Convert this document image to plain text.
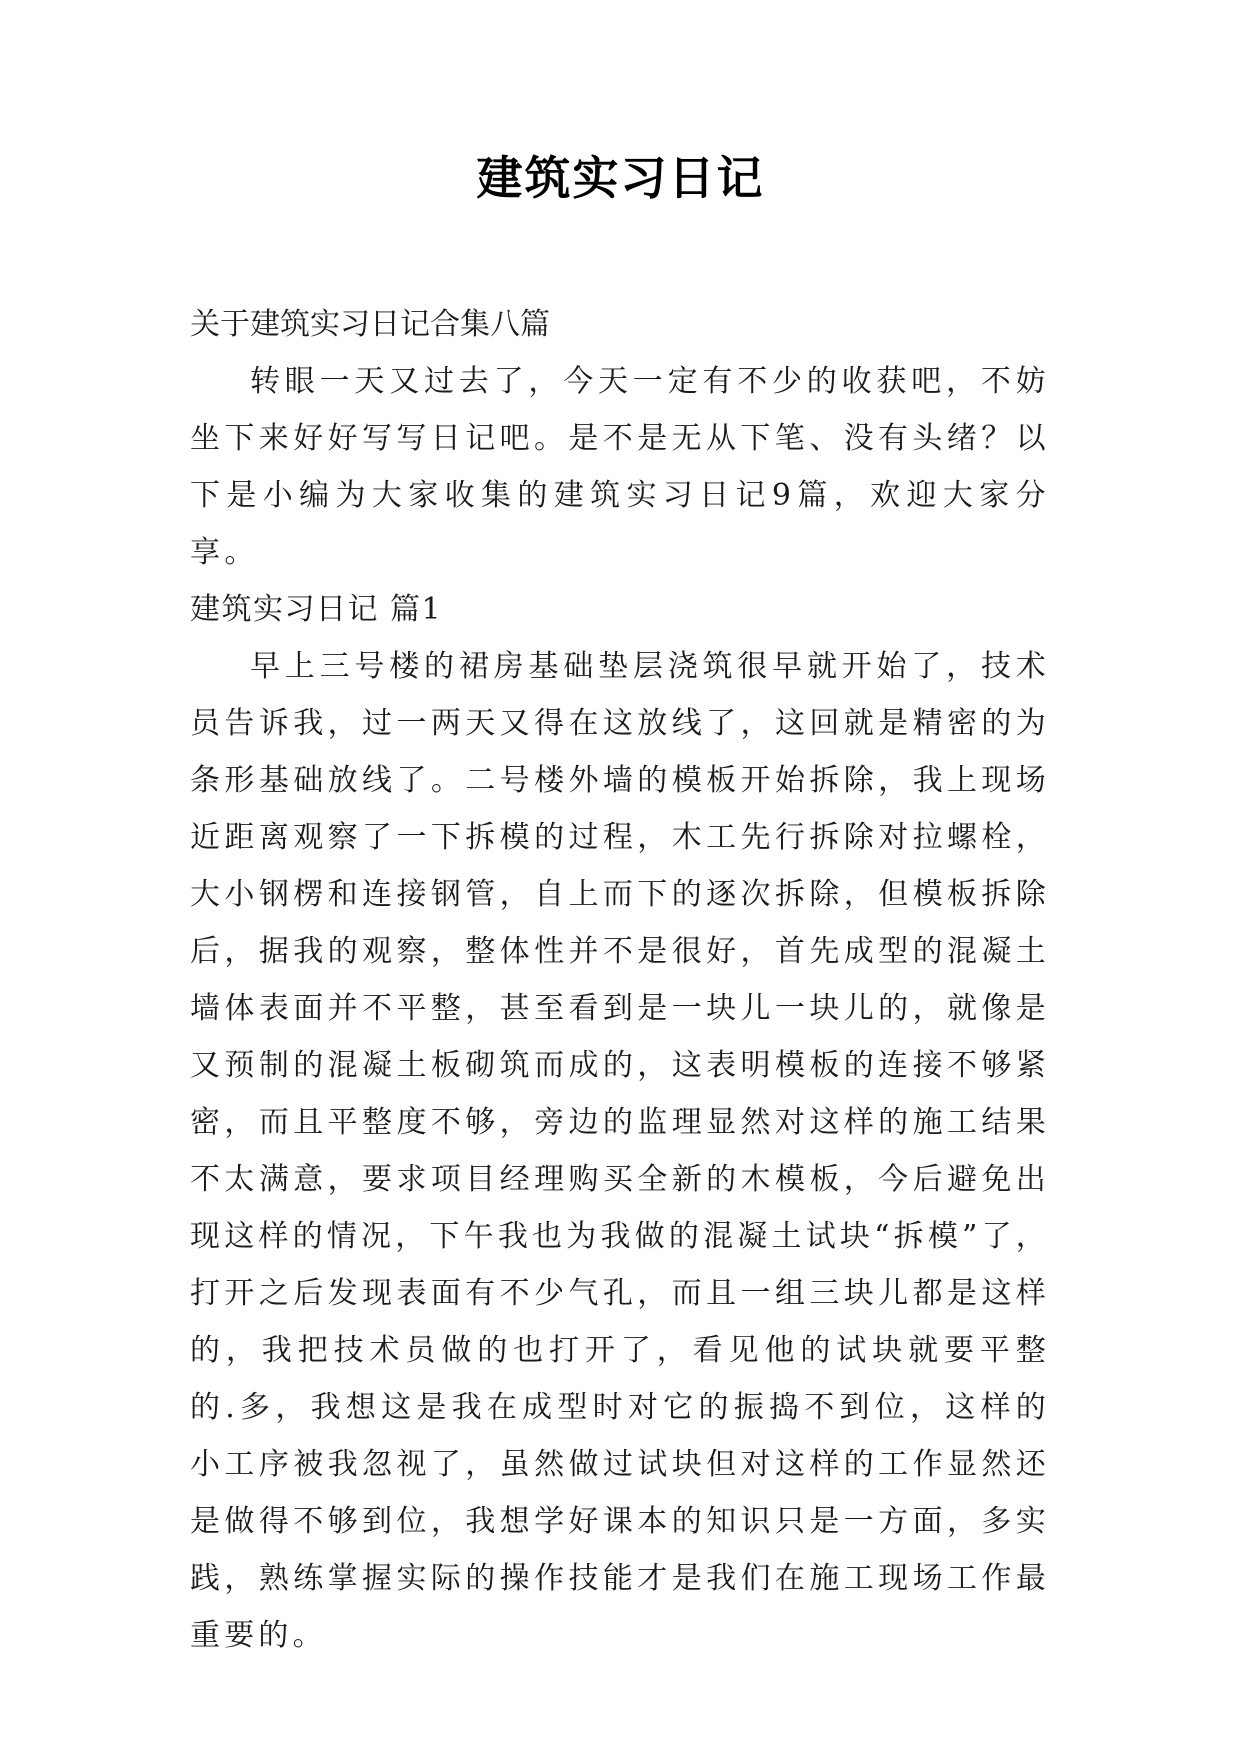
建筑实习日记

关于建筑实习日记合集八篇

转眼一天又过去了，今天一定有不少的收获吧，不妨坐下来好好写写日记吧。是不是无从下笔、没有头绪？以下是小编为大家收集的建筑实习日记9篇，欢迎大家分享。

建筑实习日记 篇1

早上三号楼的裙房基础垫层浇筑很早就开始了，技术员告诉我，过一两天又得在这放线了，这回就是精密的为条形基础放线了。二号楼外墙的模板开始拆除，我上现场近距离观察了一下拆模的过程，木工先行拆除对拉螺栓，大小钢楞和连接钢管，自上而下的逐次拆除，但模板拆除后，据我的观察，整体性并不是很好，首先成型的混凝土墙体表面并不平整，甚至看到是一块儿一块儿的，就像是又预制的混凝土板砌筑而成的，这表明模板的连接不够紧密，而且平整度不够，旁边的监理显然对这样的施工结果不太满意，要求项目经理购买全新的木模板，今后避免出现这样的情况，下午我也为我做的混凝土试块“拆模”了，打开之后发现表面有不少气孔，而且一组三块儿都是这样的，我把技术员做的也打开了，看见他的试块就要平整的.多，我想这是我在成型时对它的振捣不到位，这样的小工序被我忽视了，虽然做过试块但对这样的工作显然还是做得不够到位，我想学好课本的知识只是一方面，多实践，熟练掌握实际的操作技能才是我们在施工现场工作最重要的。
